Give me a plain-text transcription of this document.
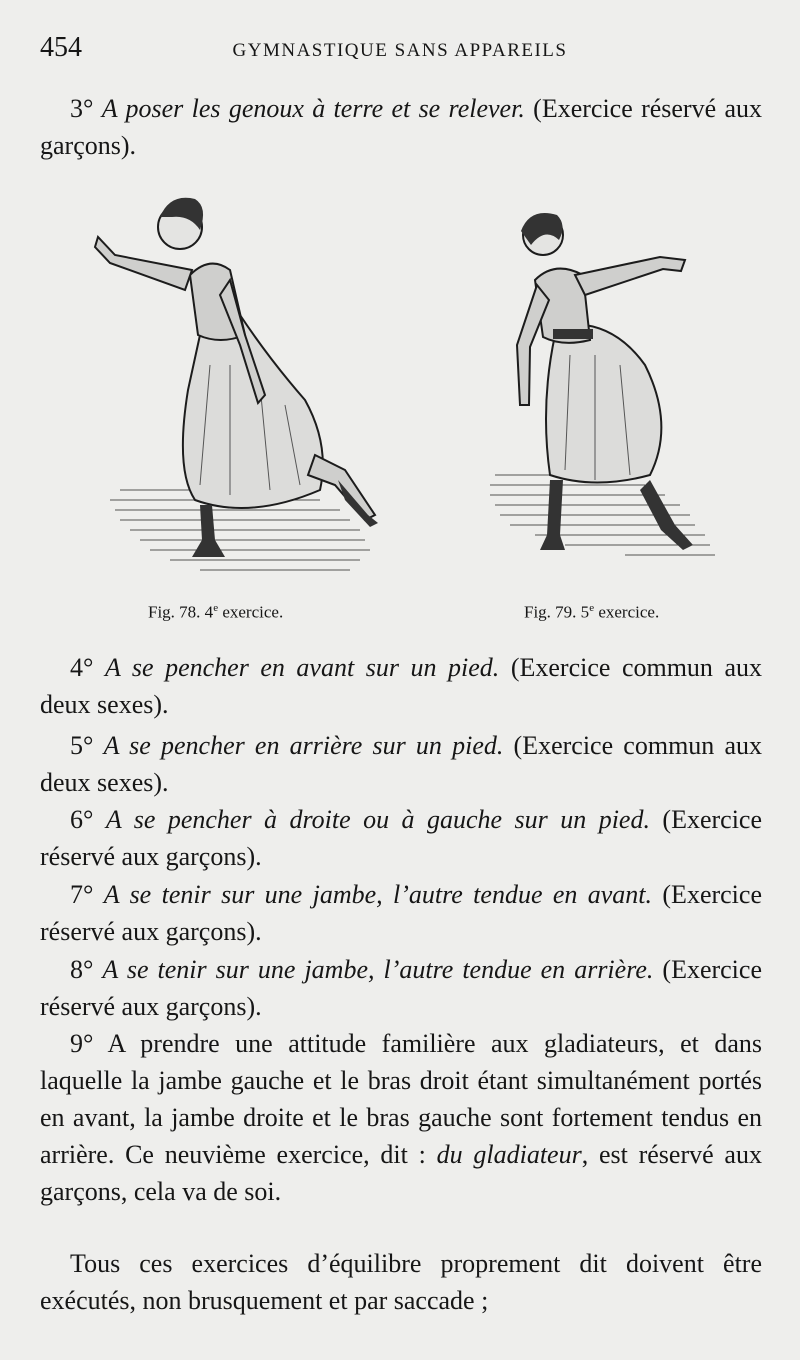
454	GYMNASTIQUE SANS APPAREILS

3° A poser les genoux à terre et se relever. (Exercice réservé aux garçons).

Fig. 78. 4e exercice.	Fig. 79. 5e exercice.

4° A se pencher en avant sur un pied. (Exercice commun aux deux sexes).

5° A se pencher en arrière sur un pied. (Exercice commun aux deux sexes).

6° A se pencher à droite ou à gauche sur un pied. (Exercice réservé aux garçons).

7° A se tenir sur une jambe, l’autre tendue en avant. (Exercice réservé aux garçons).

8° A se tenir sur une jambe, l’autre tendue en arrière. (Exercice réservé aux garçons).

9° A prendre une attitude familière aux gladiateurs, et dans laquelle la jambe gauche et le bras droit étant simultanément portés en avant, la jambe droite et le bras gauche sont fortement tendus en arrière. Ce neuvième exercice, dit : du gladiateur, est réservé aux garçons, cela va de soi.

Tous ces exercices d’équilibre proprement dit doivent être exécutés, non brusquement et par saccade ;
